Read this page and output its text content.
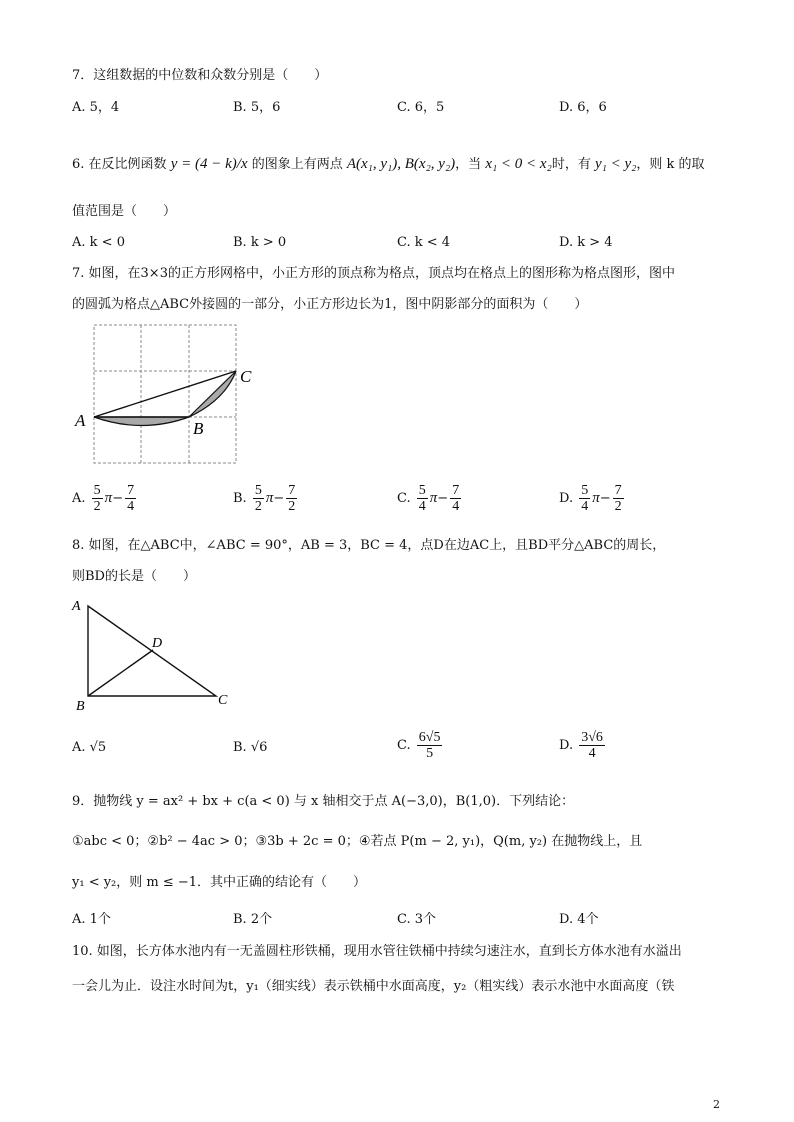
7．这组数据的中位数和众数分别是（　　）
A. 5，4	B. 5，6	C. 6，5	D. 6，6
6. 在反比例函数 y = (4 − k)/x 的图象上有两点 A(x₁, y₁), B(x₂, y₂)，当 x₁ < 0 < x₂时，有 y₁ < y₂，则 k 的取
值范围是（　　）
A. k < 0	B. k > 0	C. k < 4	D. k > 4
7. 如图，在3×3的正方形网格中，小正方形的顶点称为格点，顶点均在格点上的图形称为格点图形，图中
的圆弧为格点△ABC外接圆的一部分，小正方形边长为1，图中阴影部分的面积为（　　）
A	B
C
A. $\frac{5}{2} \pi- \frac{7}{4}$	B. $\frac{5}{2} \pi- \frac{7}{2}$	C. $\frac{5}{4} \pi- \frac{7}{4}$	D. $\frac{5}{4} \pi- \frac{7}{2}$
8. 如图，在△ABC中，∠ABC = 90°，AB = 3，BC = 4，点D在边AC上，且BD平分△ABC的周长，
则BD的长是（　　）
A
B	C
D
A. √5	B. √6	C. $\frac{6√5}{5}$	D. $\frac{3√6}{4}$
9．抛物线 y = ax² + bx + c(a < 0) 与 x 轴相交于点 A(−3,0)，B(1,0)．下列结论：
①abc < 0；②b² − 4ac > 0；③3b + 2c = 0；④若点 P(m − 2, y₁)，Q(m, y₂) 在抛物线上，且
y₁ < y₂，则 m ≤ −1．其中正确的结论有（　　）
A. 1个	B. 2个	C. 3个	D. 4个
10. 如图，长方体水池内有一无盖圆柱形铁桶，现用水管往铁桶中持续匀速注水，直到长方体水池有水溢出
一会儿为止．设注水时间为t，y₁（细实线）表示铁桶中水面高度，y₂（粗实线）表示水池中水面高度（铁
2
